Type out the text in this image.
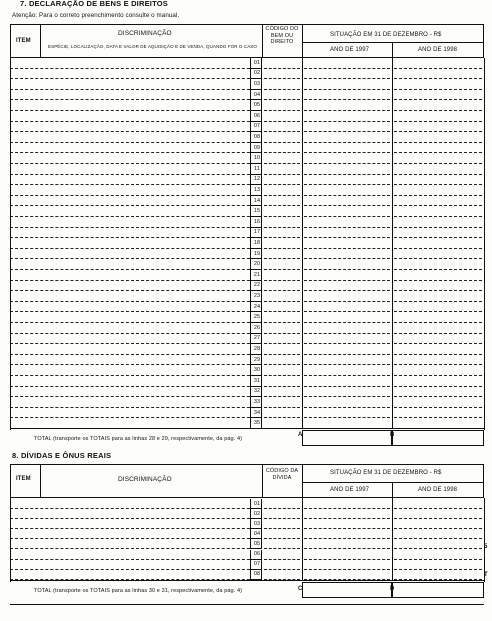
7. DECLARAÇÃO DE BENS E DIREITOS
Atenção: Para o correto preenchimento consulte o manual.
ITEM
DISCRIMINAÇÃO
ESPÉCIE, LOCALIZAÇÃO, DATA E VALOR DE AQUISIÇÃO E DE VENDA, QUANDO FOR O CASO
CÓDIGO DO BEM OU DIREITO
SITUAÇÃO EM 31 DE DEZEMBRO - R$
ANO DE 1997	ANO DE 1998
01
02
03
04
05
06
07
08
09
10
11
12
13
14
15
16
17
18
19
20
21
22
23
24
25
26
27
28
29
30
31
32
33
34
35
TOTAL (transporte os TOTAIS para as linhas 28 e 29, respectivamente, da pág. 4)
A	B
8. DÍVIDAS E ÔNUS REAIS
ITEM	DISCRIMINAÇÃO
CÓDIGO DA DÍVIDA
SITUAÇÃO EM 31 DE DEZEMBRO - R$
ANO DE 1997	ANO DE 1998
01
02
03
04
05
06
07
08
TOTAL (transporte os TOTAIS para as linhas 30 e 31, respectivamente, da pág. 4)	C	D
5
T
